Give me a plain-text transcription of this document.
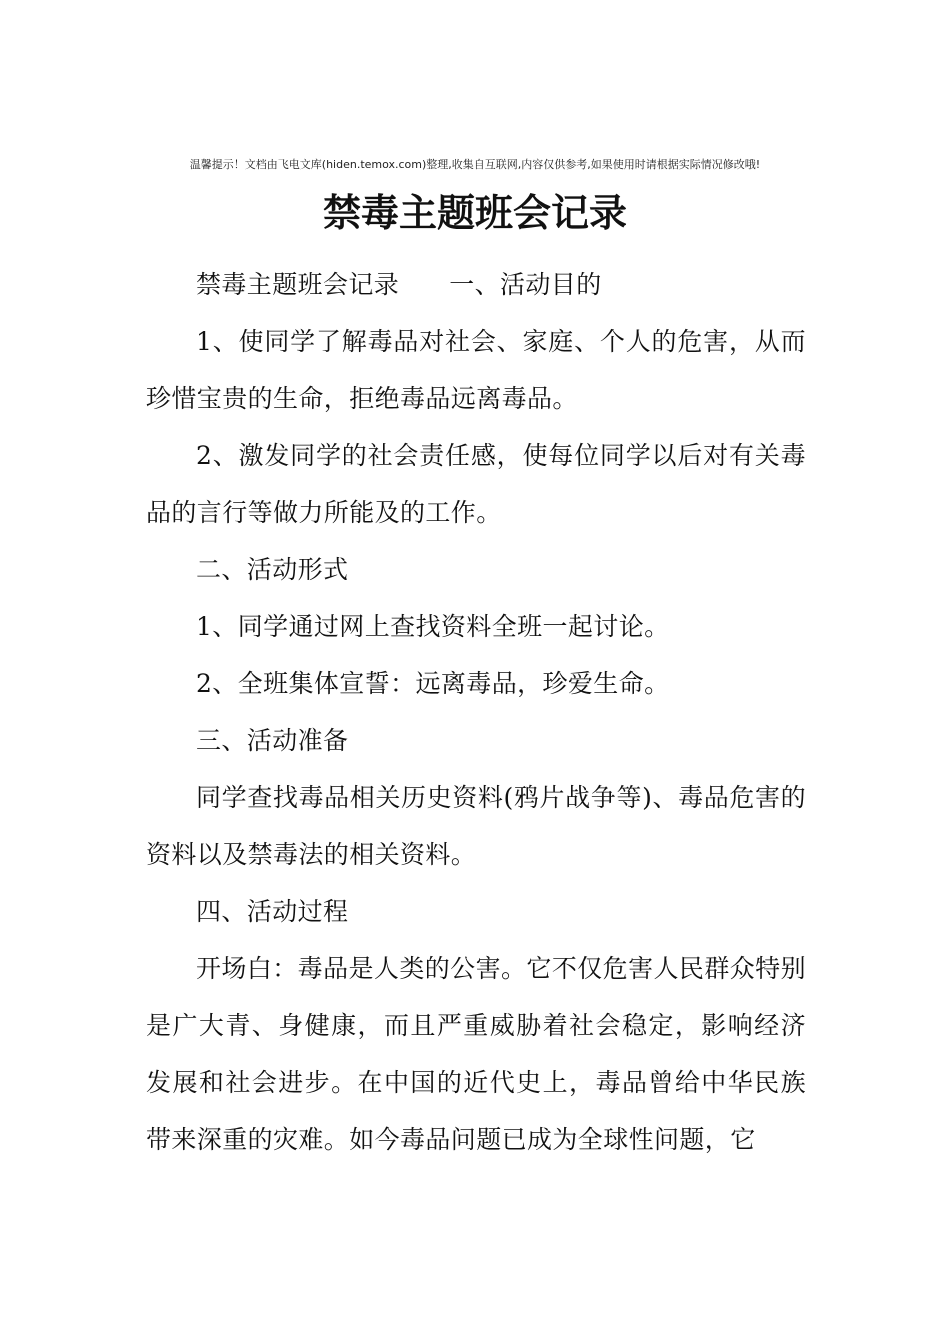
温馨提示！文档由飞电文库(hiden.temox.com)整理,收集自互联网,内容仅供参考,如果使用时请根据实际情况修改哦!
禁毒主题班会记录

禁毒主题班会记录 一、活动目的

1、使同学了解毒品对社会、家庭、个人的危害，从而珍惜宝贵的生命，拒绝毒品远离毒品。

2、激发同学的社会责任感，使每位同学以后对有关毒品的言行等做力所能及的工作。

二、活动形式

1、同学通过网上查找资料全班一起讨论。

2、全班集体宣誓：远离毒品，珍爱生命。

三、活动准备

同学查找毒品相关历史资料(鸦片战争等)、毒品危害的资料以及禁毒法的相关资料。

四、活动过程

开场白：毒品是人类的公害。它不仅危害人民群众特别是广大青、身健康，而且严重威胁着社会稳定，影响经济发展和社会进步。在中国的近代史上，毒品曾给中华民族带来深重的灾难。如今毒品问题已成为全球性问题，它
